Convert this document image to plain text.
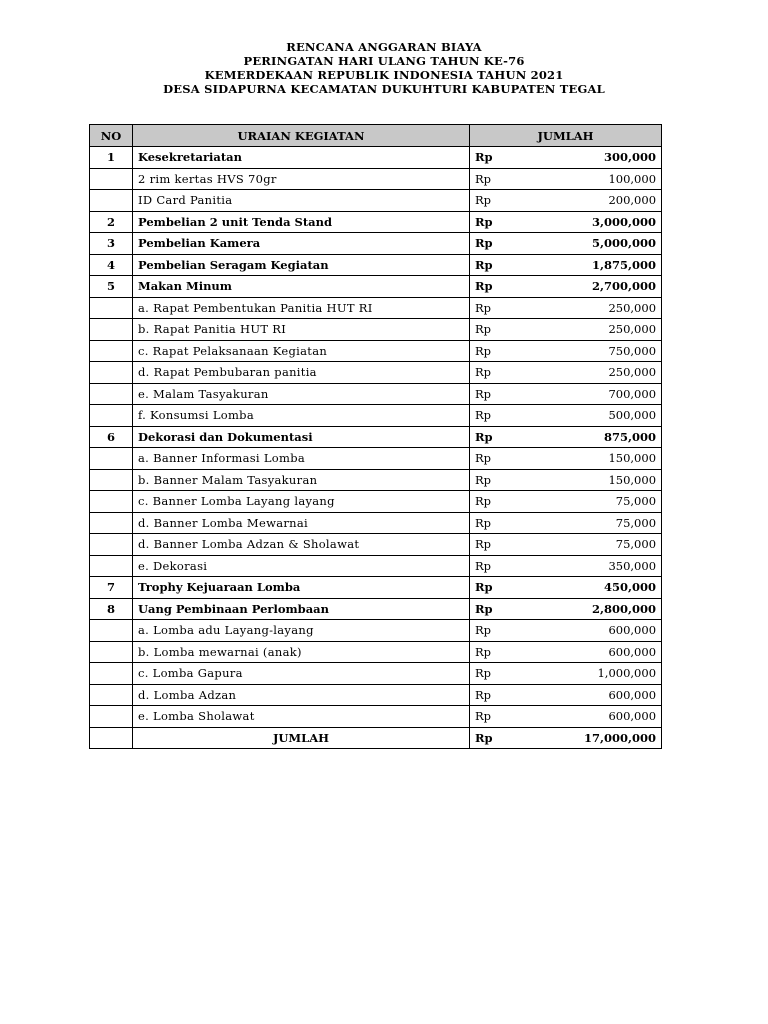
RENCANA ANGGARAN BIAYA
PERINGATAN HARI ULANG TAHUN KE-76
KEMERDEKAAN REPUBLIK INDONESIA TAHUN 2021
DESA SIDAPURNA KECAMATAN DUKUHTURI KABUPATEN TEGAL
NO	URAIAN KEGIATAN	JUMLAH	
1	Kesekretariatan	Rp	300,000
	2 rim kertas HVS 70gr	Rp	100,000
	ID Card Panitia	Rp	200,000
2	Pembelian 2 unit Tenda Stand	Rp	3,000,000
3	Pembelian Kamera	Rp	5,000,000
4	Pembelian Seragam Kegiatan	Rp	1,875,000
5	Makan Minum	Rp	2,700,000
	a. Rapat Pembentukan Panitia HUT RI	Rp	250,000
	b. Rapat Panitia HUT RI	Rp	250,000
	c. Rapat Pelaksanaan Kegiatan	Rp	750,000
	d. Rapat Pembubaran panitia	Rp	250,000
	e. Malam Tasyakuran	Rp	700,000
	f. Konsumsi Lomba	Rp	500,000
6	Dekorasi dan Dokumentasi	Rp	875,000
	a. Banner Informasi Lomba	Rp	150,000
	b. Banner Malam Tasyakuran	Rp	150,000
	c. Banner Lomba Layang layang	Rp	75,000
	d. Banner Lomba Mewarnai	Rp	75,000
	d. Banner Lomba Adzan & Sholawat	Rp	75,000
	e. Dekorasi	Rp	350,000
7	Trophy Kejuaraan Lomba	Rp	450,000
8	Uang Pembinaan Perlombaan	Rp	2,800,000
	a. Lomba adu Layang-layang	Rp	600,000
	b. Lomba mewarnai (anak)	Rp	600,000
	c. Lomba Gapura	Rp	1,000,000
	d. Lomba Adzan	Rp	600,000
	e. Lomba Sholawat	Rp	600,000
	JUMLAH	Rp	17,000,000
